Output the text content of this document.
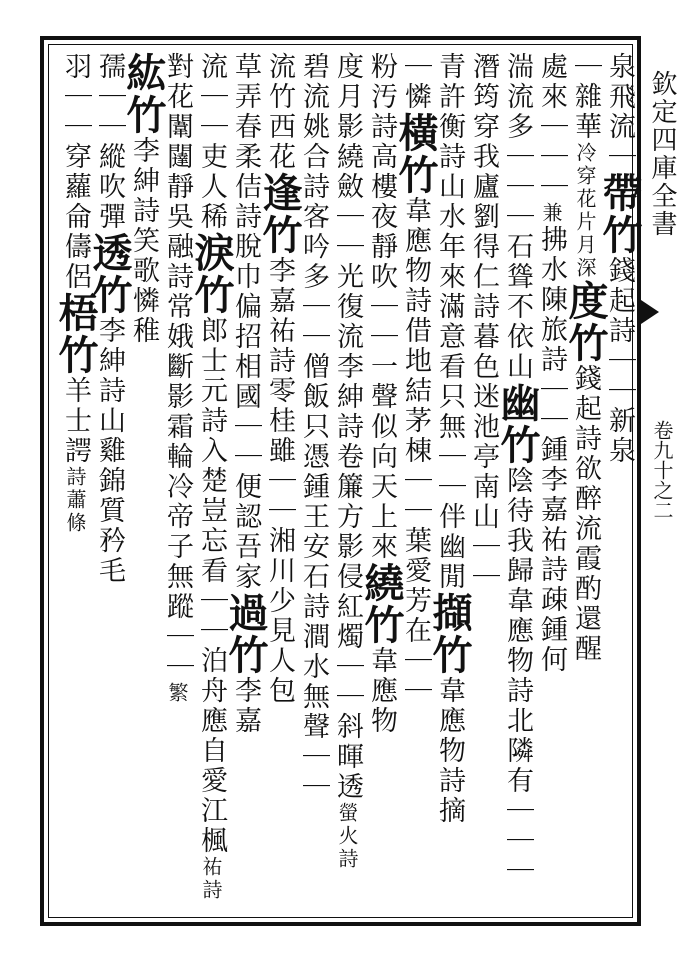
欽定四庫全書
卷九十之二
泉飛流｜帶竹錢起詩｜｜新泉
｜雜華冷穿花片月深度竹錢起詩欲醉流霞酌還醒
處來｜｜｜兼拂水陳旅詩｜｜鍾李嘉祐詩疎鍾何
湍流多｜｜｜石聳不依山幽竹陰待我歸韋應物詩北隣有｜｜｜
潛筠穿我廬劉得仁詩暮色迷池亭南山｜｜
青許衡詩山水年來滿意看只無｜｜伴幽閒擷竹韋應物詩摘
｜憐橫竹韋應物詩借地結茅棟｜｜葉愛芳在｜｜
粉汚詩高樓夜靜吹｜｜一聲似向天上來繞竹韋應物
度月影繞斂｜｜光復流李紳詩卷簾方影侵紅燭｜｜斜暉透螢火詩
碧流姚合詩客吟多｜｜僧飯只憑鍾王安石詩澗水無聲｜｜
流竹西花逢竹李嘉祐詩零桂雖｜｜湘川少見人包
草弄春柔佶詩脫巾偏招相國｜｜便認吾家過竹李嘉
流｜｜吏人稀淚竹郎士元詩入楚豈忘看｜｜泊舟應自愛江楓祐詩
對花闈闥靜吳融詩常娥斷影霜輪冷帝子無蹤｜｜繁
紘竹李紳詩笑歌憐稚
孺｜｜縱吹彈透竹李紳詩山雞錦質矜毛
羽｜｜穿蘿侖儔侶梧竹羊士諤詩蕭條
